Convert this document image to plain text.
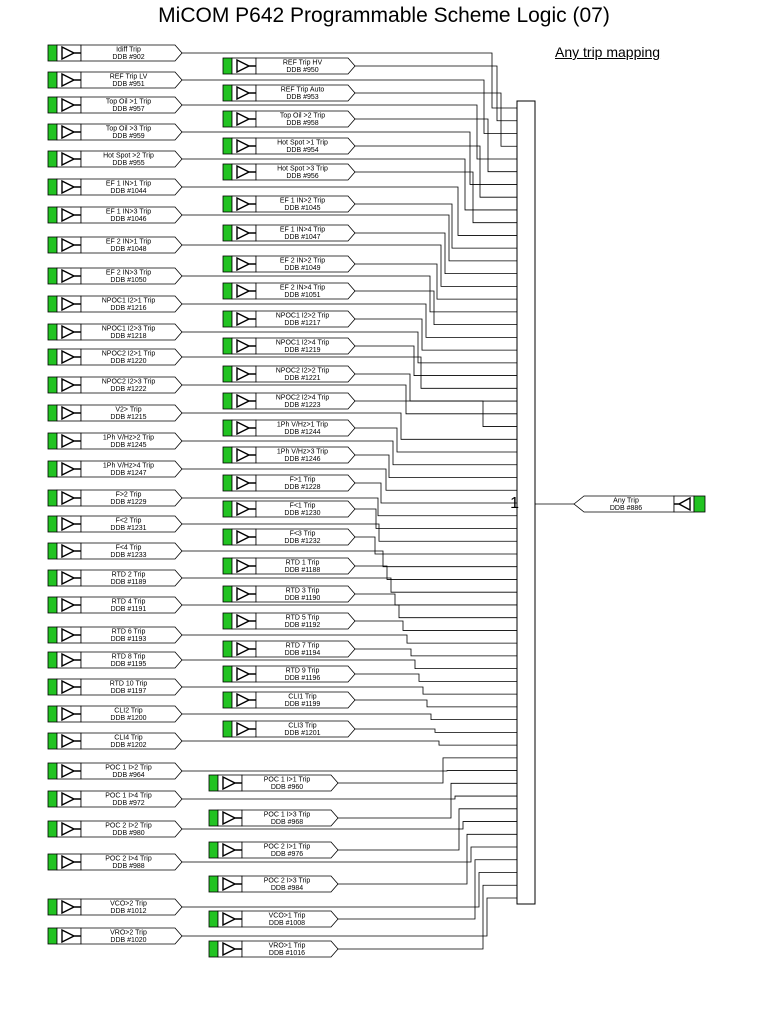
MiCOM P642 Programmable Scheme Logic (07)
Any trip mapping
Idiff Trip
DDB #902
REF Trip HV
DDB #950
REF Trip LV
DDB #951
REF Trip Auto
DDB #953
Top Oil >1 Trip
DDB #957
Top Oil >2 Trip
DDB #958
Top Oil >3 Trip
DDB #959
Hot Spot >1 Trip
DDB #954
Hot Spot >2 Trip
DDB #955
Hot Spot >3 Trip
DDB #956
EF 1 IN>1 Trip
DDB #1044
EF 1 IN>2 Trip
DDB #1045
EF 1 IN>3 Trip
DDB #1046
EF 1 IN>4 Trip
DDB #1047
EF 2 IN>1 Trip
DDB #1048
EF 2 IN>2 Trip
DDB #1049
EF 2 IN>3 Trip
DDB #1050
EF 2 IN>4 Trip
DDB #1051
NPOC1 I2>1 Trip
DDB #1216
NPOC1 I2>2 Trip
DDB #1217
NPOC1 I2>3 Trip
DDB #1218
NPOC1 I2>4 Trip
DDB #1219
NPOC2 I2>1 Trip
DDB #1220
NPOC2 I2>2 Trip
DDB #1221
NPOC2 I2>3 Trip
DDB #1222
NPOC2 I2>4 Trip
DDB #1223
V2> Trip
DDB #1215
1Ph V/Hz>1 Trip
DDB #1244
1Ph V/Hz>2 Trip
DDB #1245
1Ph V/Hz>3 Trip
DDB #1246
1Ph V/Hz>4 Trip
DDB #1247
F>1 Trip
DDB #1228
F>2 Trip
DDB #1229	F<1 Trip
DDB #1230
F<2 Trip
DDB #1231
F<3 Trip
DDB #1232
F<4 Trip
DDB #1233
RTD 1 Trip
DDB #1188
RTD 2 Trip
DDB #1189
RTD 3 Trip
DDB #1190
RTD 4 Trip
DDB #1191
RTD 5 Trip
DDB #1192
RTD 6 Trip
DDB #1193
RTD 7 Trip
DDB #1194
RTD 8 Trip
DDB #1195
RTD 9 Trip
DDB #1196
RTD 10 Trip
DDB #1197
CLI1 Trip
DDB #1199
CLI2 Trip
DDB #1200
CLI3 Trip
DDB #1201
CLI4 Trip
DDB #1202
POC 1 I>1 Trip
DDB #960
POC 1 I>2 Trip
DDB #964
POC 1 I>3 Trip
DDB #968
POC 1 I>4 Trip
DDB #972
POC 2 I>1 Trip
DDB #976
POC 2 I>2 Trip
DDB #980
POC 2 I>3 Trip
DDB #984
POC 2 I>4 Trip
DDB #988
VCO>1 Trip
DDB #1008
VCO>2 Trip
DDB #1012
VRO>1 Trip
DDB #1016
VRO>2 Trip
DDB #1020
1	Any Trip
DDB #886
